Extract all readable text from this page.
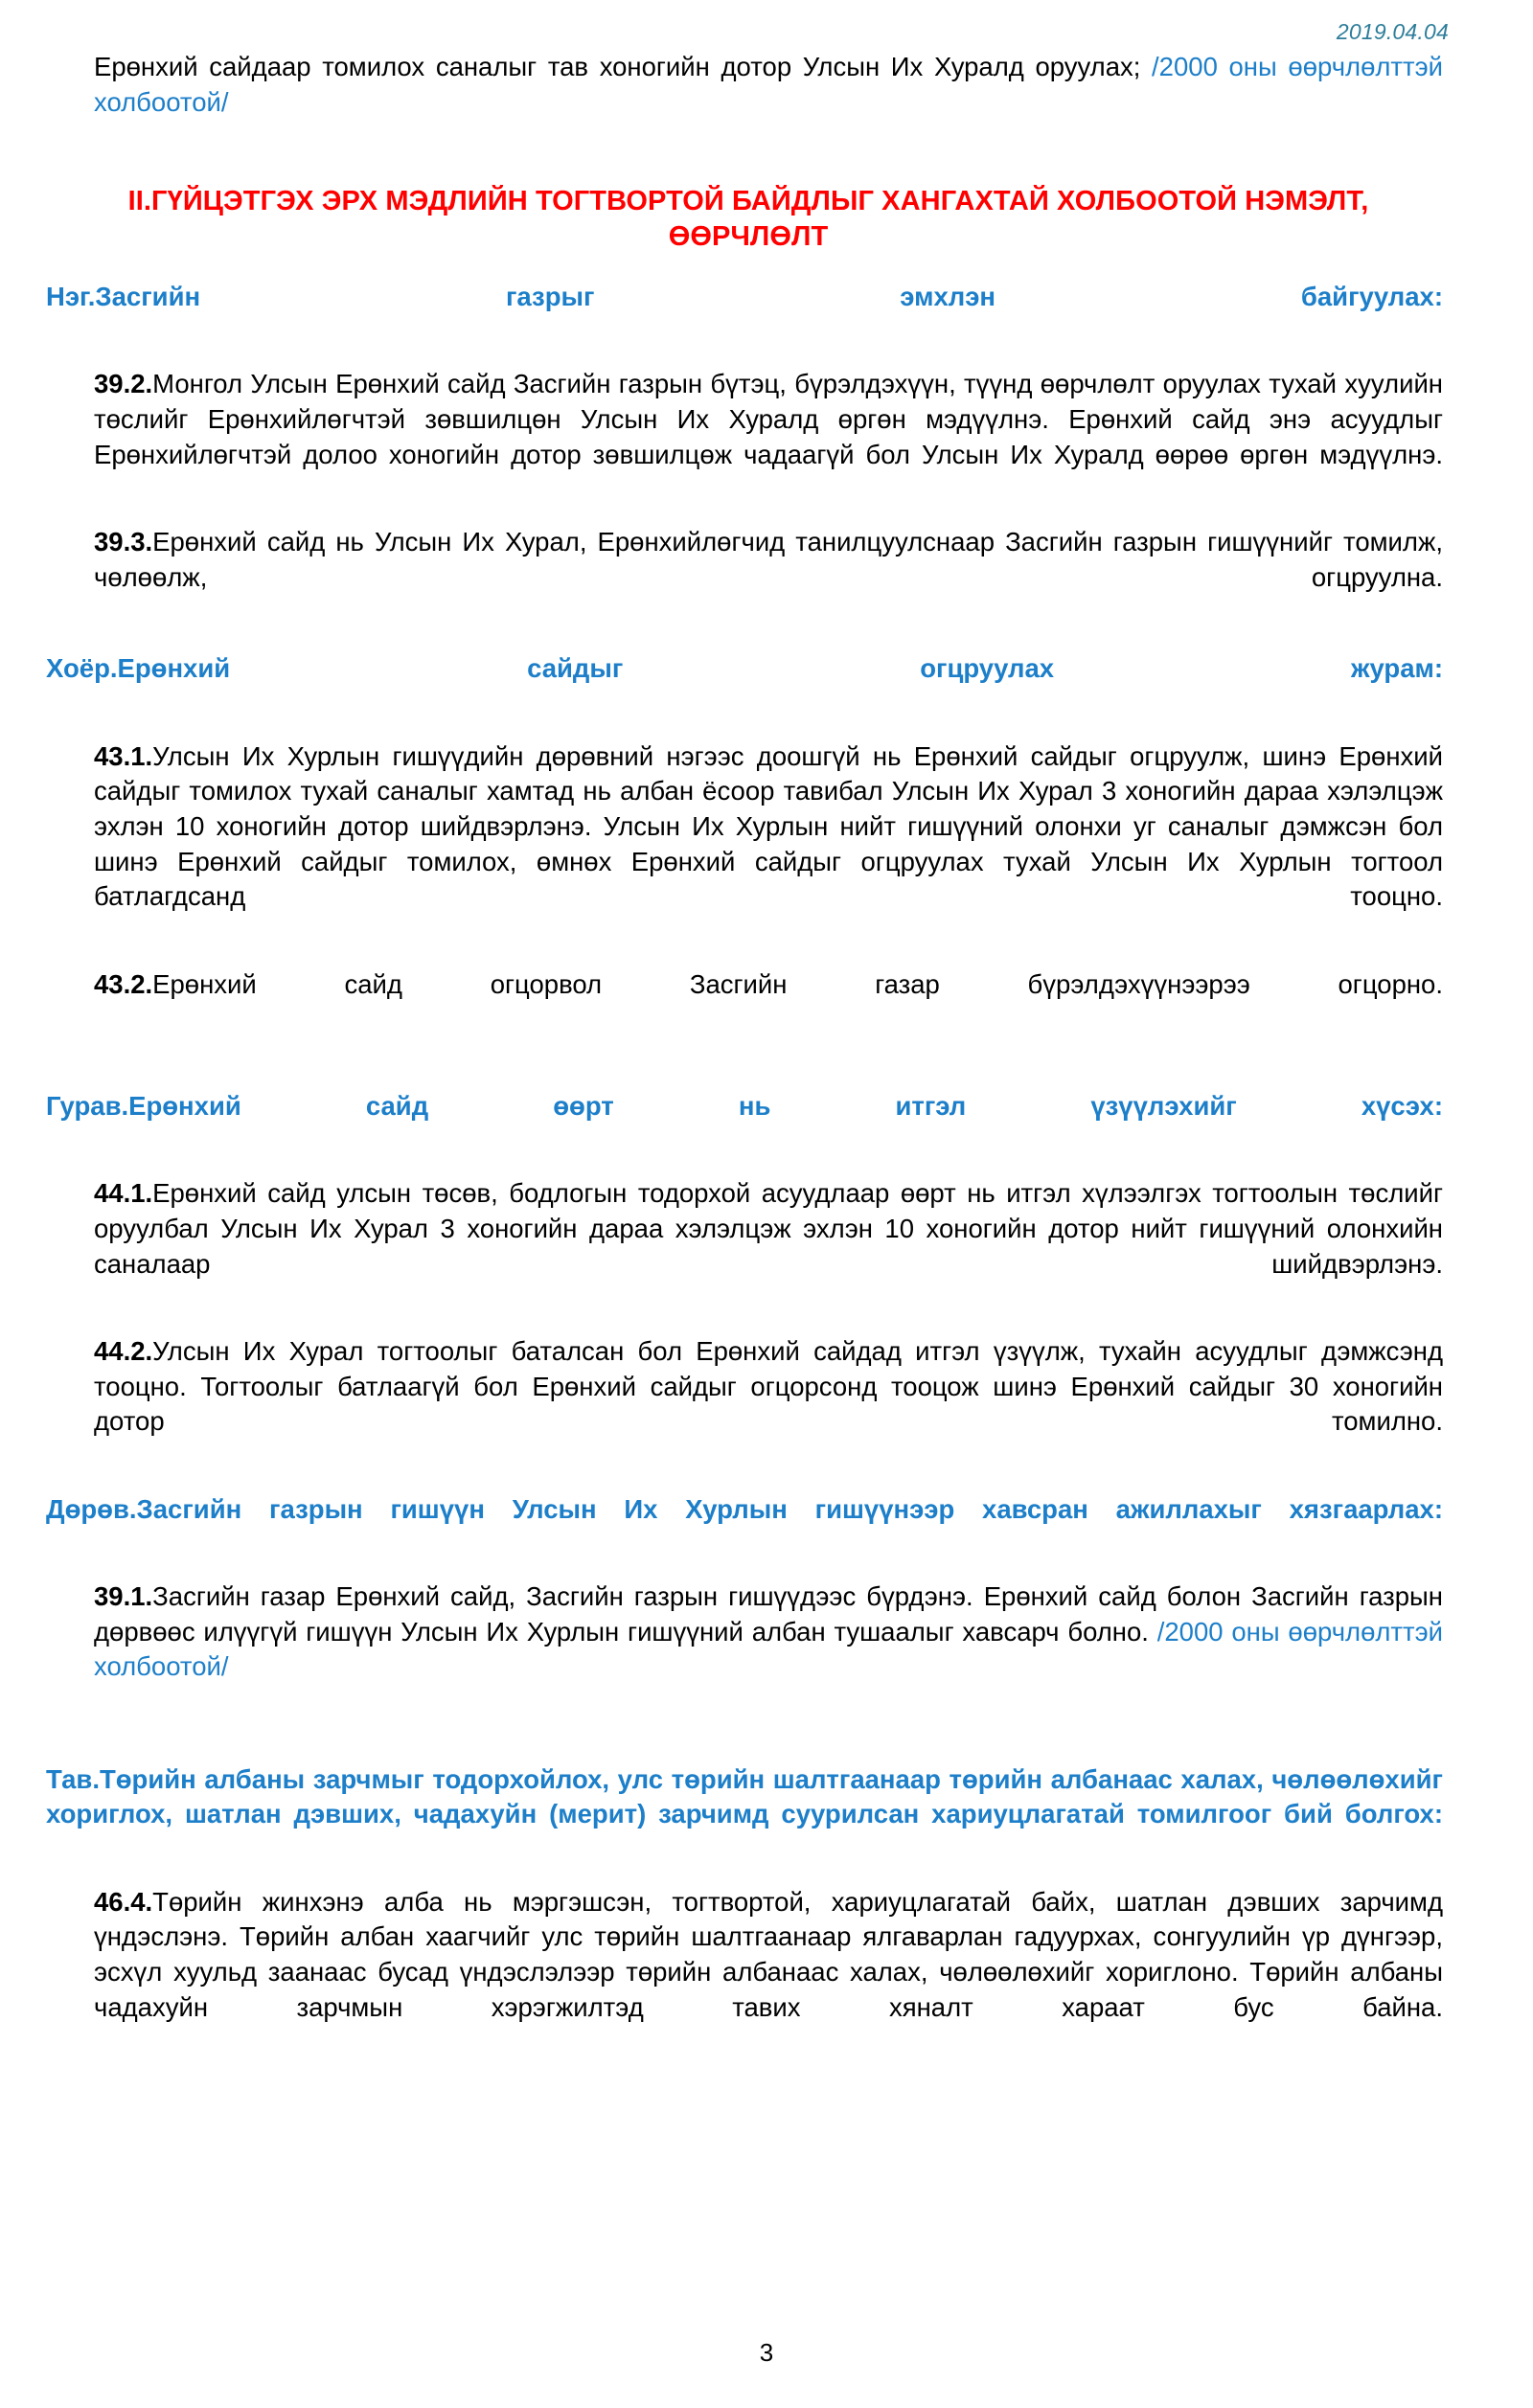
2019.04.04

Ерөнхий сайдаар томилох саналыг тав хоногийн дотор Улсын Их Хуралд оруулах; /2000 оны өөрчлөлттэй холбоотой/

II.ГҮЙЦЭТГЭХ ЭРХ МЭДЛИЙН ТОГТВОРТОЙ БАЙДЛЫГ ХАНГАХТАЙ ХОЛБООТОЙ НЭМЭЛТ, ӨӨРЧЛӨЛТ
Нэг.Засгийн газрыг эмхлэн байгуулах:

39.2.Монгол Улсын Ерөнхий сайд Засгийн газрын бүтэц, бүрэлдэхүүн, түүнд өөрчлөлт оруулах тухай хуулийн төслийг Ерөнхийлөгчтэй зөвшилцөн Улсын Их Хуралд өргөн мэдүүлнэ. Ерөнхий сайд энэ асуудлыг Ерөнхийлөгчтэй долоо хоногийн дотор зөвшилцөж чадаагүй бол Улсын Их Хуралд өөрөө өргөн мэдүүлнэ.

39.3.Ерөнхий сайд нь Улсын Их Хурал, Ерөнхийлөгчид танилцуулснаар Засгийн газрын гишүүнийг томилж, чөлөөлж, огцруулна.

Хоёр.Ерөнхий сайдыг огцруулах журам:

43.1.Улсын Их Хурлын гишүүдийн дөрөвний нэгээс доошгүй нь Ерөнхий сайдыг огцруулж, шинэ Ерөнхий сайдыг томилох тухай саналыг хамтад нь албан ёсоор тавибал Улсын Их Хурал 3 хоногийн дараа хэлэлцэж эхлэн 10 хоногийн дотор шийдвэрлэнэ. Улсын Их Хурлын нийт гишүүний олонхи уг саналыг дэмжсэн бол шинэ Ерөнхий сайдыг томилох, өмнөх Ерөнхий сайдыг огцруулах тухай Улсын Их Хурлын тогтоол батлагдсанд тооцно.

43.2.Ерөнхий сайд огцорвол Засгийн газар бүрэлдэхүүнээрээ огцорно.

Гурав.Ерөнхий сайд өөрт нь итгэл үзүүлэхийг хүсэх:

44.1.Ерөнхий сайд улсын төсөв, бодлогын тодорхой асуудлаар өөрт нь итгэл хүлээлгэх тогтоолын төслийг оруулбал Улсын Их Хурал 3 хоногийн дараа хэлэлцэж эхлэн 10 хоногийн дотор нийт гишүүний олонхийн саналаар шийдвэрлэнэ.

44.2.Улсын Их Хурал тогтоолыг баталсан бол Ерөнхий сайдад итгэл үзүүлж, тухайн асуудлыг дэмжсэнд тооцно. Тогтоолыг батлаагүй бол Ерөнхий сайдыг огцорсонд тооцож шинэ Ерөнхий сайдыг 30 хоногийн дотор томилно.

Дөрөв.Засгийн газрын гишүүн Улсын Их Хурлын гишүүнээр хавсран ажиллахыг хязгаарлах:

39.1.Засгийн газар Ерөнхий сайд, Засгийн газрын гишүүдээс бүрдэнэ. Ерөнхий сайд болон Засгийн газрын дөрвөөс илүүгүй гишүүн Улсын Их Хурлын гишүүний албан тушаалыг хавсарч болно. /2000 оны өөрчлөлттэй холбоотой/

Тав.Төрийн албаны зарчмыг тодорхойлох, улс төрийн шалтгаанаар төрийн албанаас халах, чөлөөлөхийг хориглох, шатлан дэвших, чадахуйн (мерит) зарчимд суурилсан хариуцлагатай томилгоог бий болгох:

46.4.Төрийн жинхэнэ алба нь мэргэшсэн, тогтвортой, хариуцлагатай байх, шатлан дэвших зарчимд үндэслэнэ. Төрийн албан хаагчийг улс төрийн шалтгаанаар ялгаварлан гадуурхах, сонгуулийн үр дүнгээр, эсхүл хуульд заанаас бусад үндэслэлээр төрийн албанаас халах, чөлөөлөхийг хориглоно. Төрийн албаны чадахуйн зарчмын хэрэгжилтэд тавих хяналт хараат бус байна.

3
